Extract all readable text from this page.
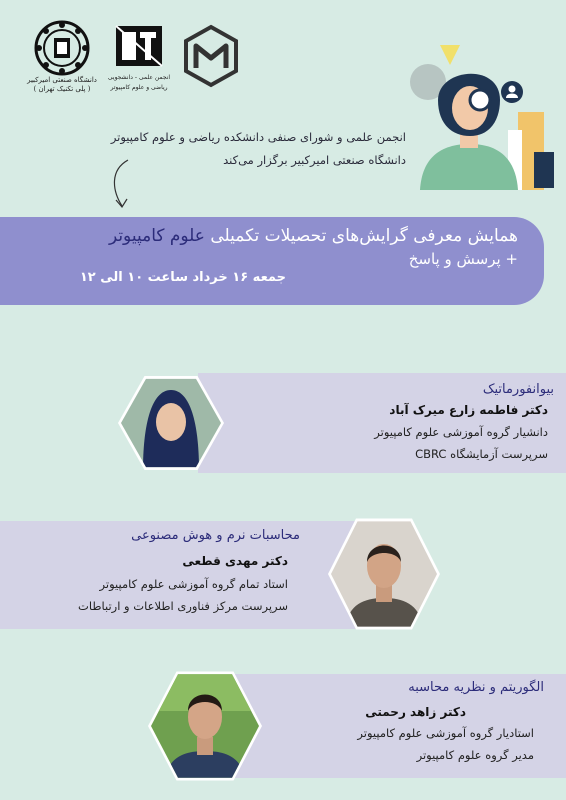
دانشگاه صنعتی امیرکبیر
( پلی تکنیک تهران )
انجمن علمی - دانشجویی
ریاضی و علوم کامپیوتر
انجمن علمی و شورای صنفی دانشکده ریاضی و علوم کامپیوتر
دانشگاه صنعتی امیرکبیر برگزار می‌کند
همایش معرفی گرایش‌های تحصیلات تکمیلی علوم کامپیوتر
+ پرسش و پاسخ
جمعه ۱۶ خرداد ساعت ۱۰ الی ۱۲
بیوانفورماتیک
دکتر فاطمه زارع میرک آباد
دانشیار گروه آموزشی علوم کامپیوتر
سرپرست آزمایشگاه CBRC
محاسبات نرم و هوش مصنوعی
دکتر مهدی قطعی
استاد تمام گروه آموزشی علوم کامپیوتر
سرپرست مرکز فناوری اطلاعات و ارتباطات
الگوریتم و نظریه محاسبه
دکتر زاهد رحمتی
استادیار گروه آموزشی علوم کامپیوتر
مدیر گروه علوم کامپیوتر
